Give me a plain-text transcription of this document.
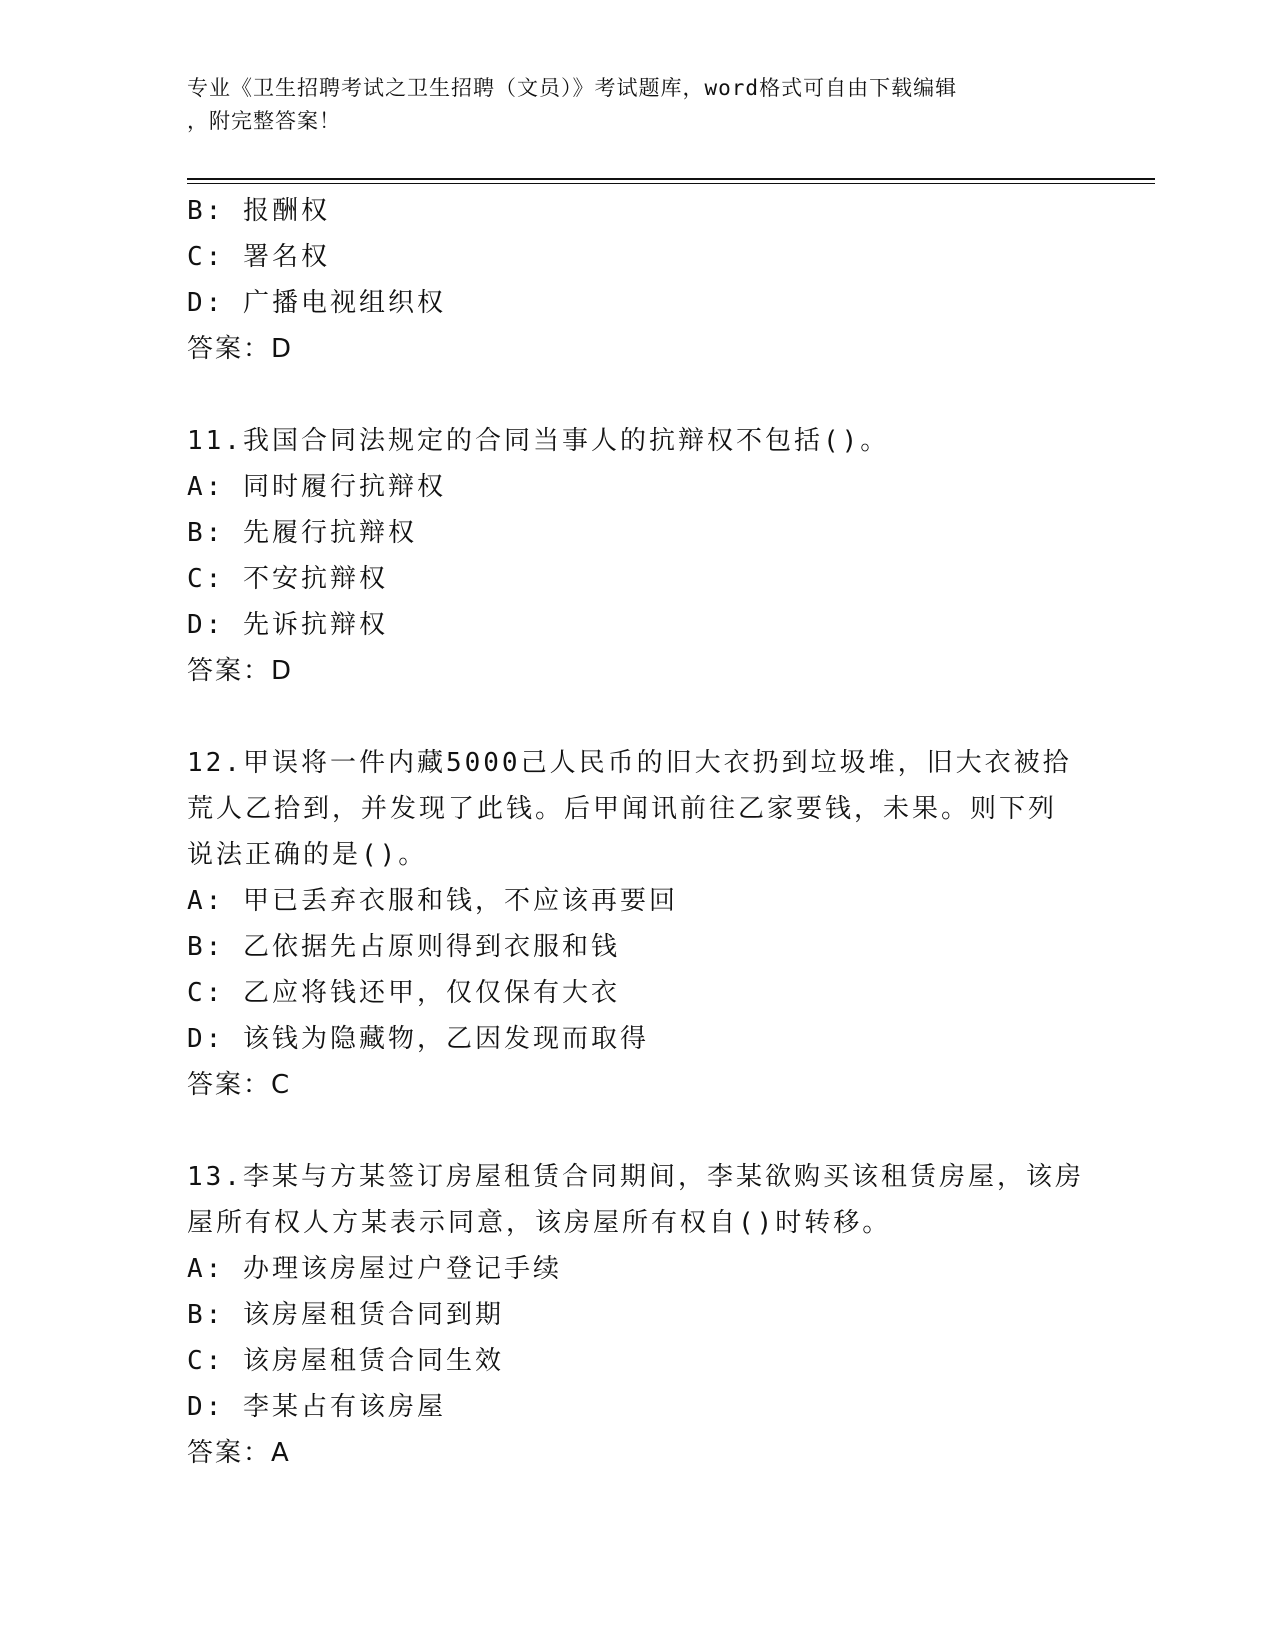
专业《卫生招聘考试之卫生招聘（文员）》考试题库，word格式可自由下载编辑
，附完整答案！
B: 报酬权
C: 署名权
D: 广播电视组织权
答案：D
11.我国合同法规定的合同当事人的抗辩权不包括()。
A: 同时履行抗辩权
B: 先履行抗辩权
C: 不安抗辩权
D: 先诉抗辩权
答案：D
12.甲误将一件内藏5000己人民币的旧大衣扔到垃圾堆，旧大衣被拾
荒人乙拾到，并发现了此钱。后甲闻讯前往乙家要钱，未果。则下列
说法正确的是()。
A: 甲已丢弃衣服和钱，不应该再要回
B: 乙依据先占原则得到衣服和钱
C: 乙应将钱还甲，仅仅保有大衣
D: 该钱为隐藏物，乙因发现而取得
答案：C
13.李某与方某签订房屋租赁合同期间，李某欲购买该租赁房屋，该房
屋所有权人方某表示同意，该房屋所有权自()时转移。
A: 办理该房屋过户登记手续
B: 该房屋租赁合同到期
C: 该房屋租赁合同生效
D: 李某占有该房屋
答案：A
